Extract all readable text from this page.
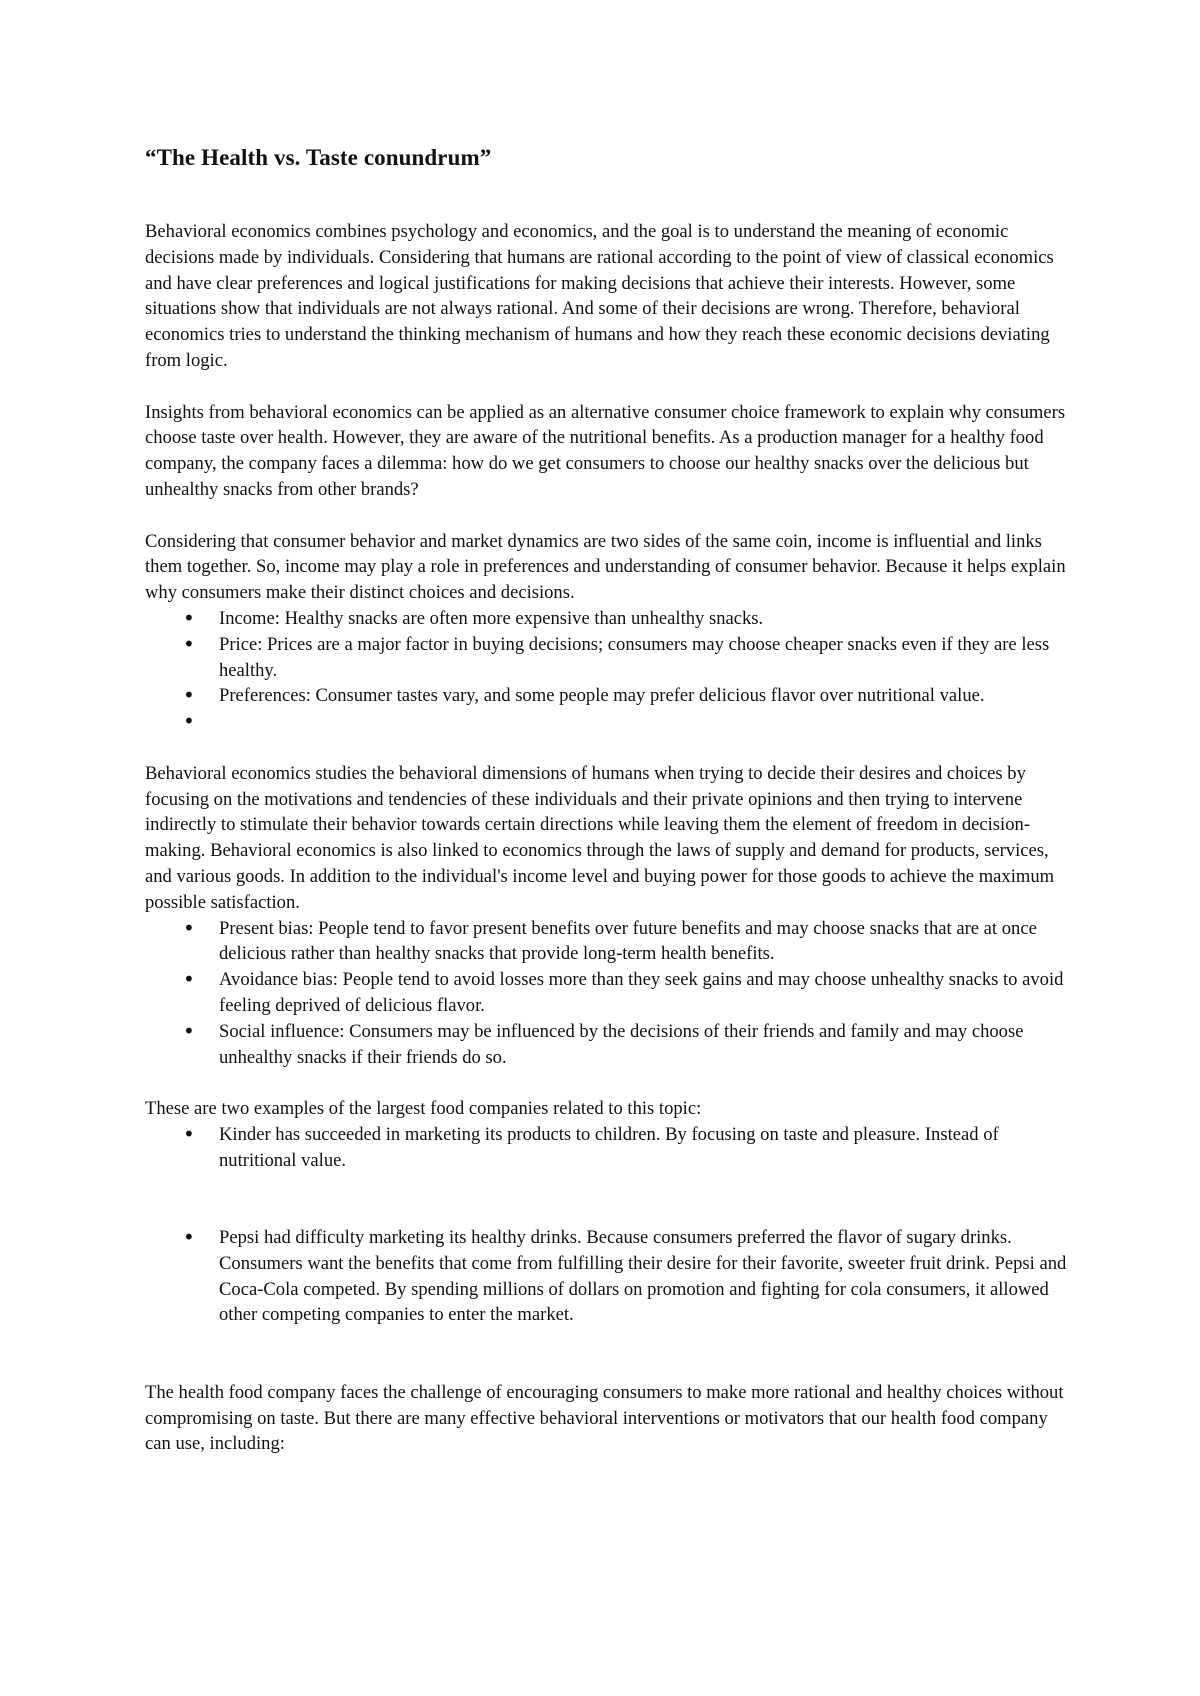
“The Health vs. Taste conundrum”

Behavioral economics combines psychology and economics, and the goal is to understand the meaning of economic decisions made by individuals. Considering that humans are rational according to the point of view of classical economics and have clear preferences and logical justifications for making decisions that achieve their interests. However, some situations show that individuals are not always rational. And some of their decisions are wrong. Therefore, behavioral economics tries to understand the thinking mechanism of humans and how they reach these economic decisions deviating from logic.

Insights from behavioral economics can be applied as an alternative consumer choice framework to explain why consumers choose taste over health. However, they are aware of the nutritional benefits. As a production manager for a healthy food company, the company faces a dilemma: how do we get consumers to choose our healthy snacks over the delicious but unhealthy snacks from other brands?

Considering that consumer behavior and market dynamics are two sides of the same coin, income is influential and links them together. So, income may play a role in preferences and understanding of consumer behavior. Because it helps explain why consumers make their distinct choices and decisions.

• Income: Healthy snacks are often more expensive than unhealthy snacks.
• Price: Prices are a major factor in buying decisions; consumers may choose cheaper snacks even if they are less healthy.
• Preferences: Consumer tastes vary, and some people may prefer delicious flavor over nutritional value.
•

Behavioral economics studies the behavioral dimensions of humans when trying to decide their desires and choices by focusing on the motivations and tendencies of these individuals and their private opinions and then trying to intervene indirectly to stimulate their behavior towards certain directions while leaving them the element of freedom in decision-making. Behavioral economics is also linked to economics through the laws of supply and demand for products, services, and various goods. In addition to the individual's income level and buying power for those goods to achieve the maximum possible satisfaction.

• Present bias: People tend to favor present benefits over future benefits and may choose snacks that are at once delicious rather than healthy snacks that provide long-term health benefits.
• Avoidance bias: People tend to avoid losses more than they seek gains and may choose unhealthy snacks to avoid feeling deprived of delicious flavor.
• Social influence: Consumers may be influenced by the decisions of their friends and family and may choose unhealthy snacks if their friends do so.

These are two examples of the largest food companies related to this topic:

• Kinder has succeeded in marketing its products to children. By focusing on taste and pleasure. Instead of nutritional value.
• Pepsi had difficulty marketing its healthy drinks. Because consumers preferred the flavor of sugary drinks. Consumers want the benefits that come from fulfilling their desire for their favorite, sweeter fruit drink. Pepsi and Coca-Cola competed. By spending millions of dollars on promotion and fighting for cola consumers, it allowed other competing companies to enter the market.

The health food company faces the challenge of encouraging consumers to make more rational and healthy choices without compromising on taste. But there are many effective behavioral interventions or motivators that our health food company can use, including:
